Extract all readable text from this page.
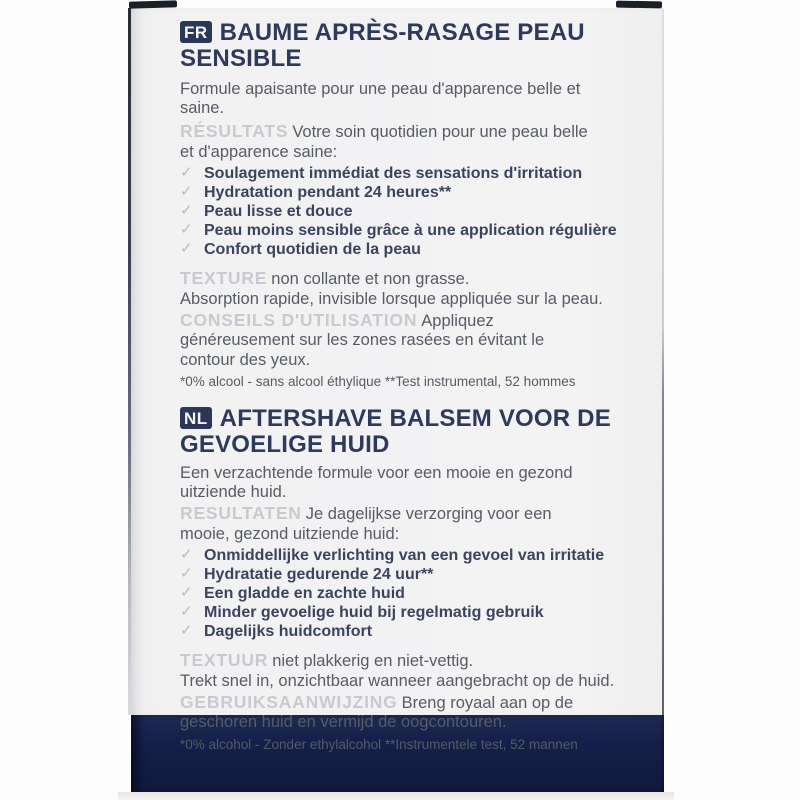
FR BAUME APRÈS-RASAGE PEAU SENSIBLE

Formule apaisante pour une peau d'apparence belle et saine.

RÉSULTATS Votre soin quotidien pour une peau belle et d'apparence saine:

✓ Soulagement immédiat des sensations d'irritation
✓ Hydratation pendant 24 heures**
✓ Peau lisse et douce
✓ Peau moins sensible grâce à une application régulière
✓ Confort quotidien de la peau

TEXTURE non collante et non grasse.

Absorption rapide, invisible lorsque appliquée sur la peau.

CONSEILS D'UTILISATION Appliquez généreusement sur les zones rasées en évitant le contour des yeux.

*0% alcool - sans alcool éthylique **Test instrumental, 52 hommes

NL AFTERSHAVE BALSEM VOOR DE GEVOELIGE HUID

Een verzachtende formule voor een mooie en gezond uitziende huid.

RESULTATEN Je dagelijkse verzorging voor een mooie, gezond uitziende huid:

✓ Onmiddellijke verlichting van een gevoel van irritatie
✓ Hydratatie gedurende 24 uur**
✓ Een gladde en zachte huid
✓ Minder gevoelige huid bij regelmatig gebruik
✓ Dagelijks huidcomfort

TEXTUUR niet plakkerig en niet-vettig.

Trekt snel in, onzichtbaar wanneer aangebracht op de huid.

GEBRUIKSAANWIJZING Breng royaal aan op de geschoren huid en vermijd de oogcontouren.

*0% alcohol - Zonder ethylalcohol **Instrumentele test, 52 mannen
